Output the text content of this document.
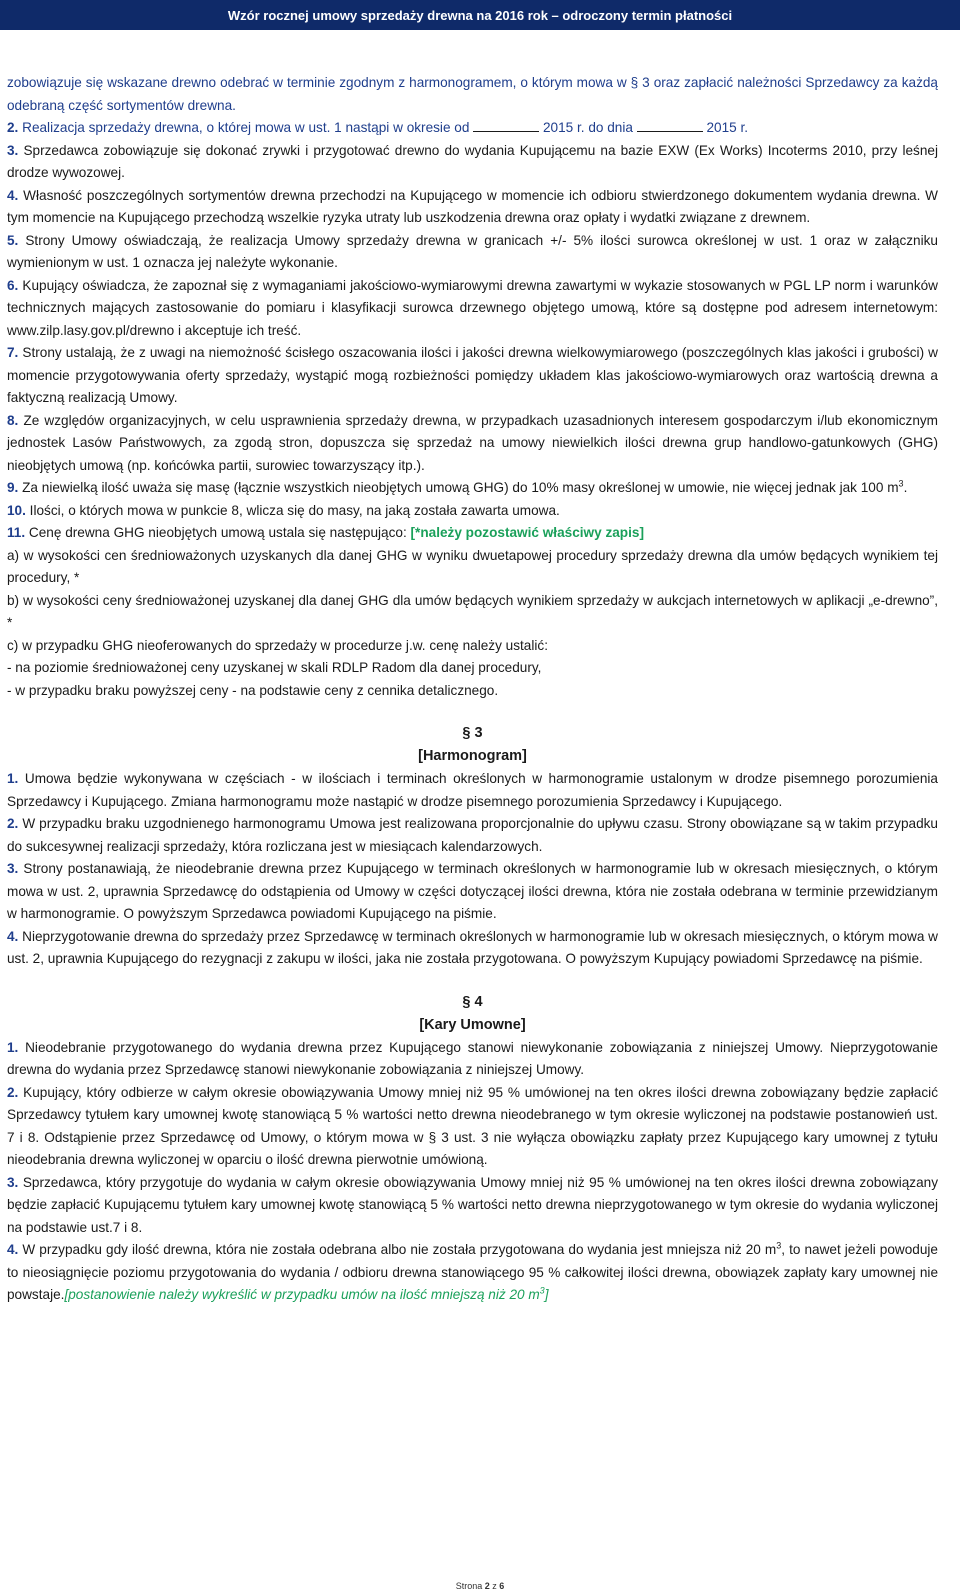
Wzór rocznej umowy sprzedaży drewna na 2016 rok – odroczony termin płatności

zobowiązuje się wskazane drewno odebrać w terminie zgodnym z harmonogramem, o którym mowa w § 3 oraz zapłacić należności Sprzedawcy za każdą odebraną część sortymentów drewna.

2. Realizacja sprzedaży drewna, o której mowa w ust. 1 nastąpi w okresie od	2015 r. do dnia	2015 r.

3. Sprzedawca zobowiązuje się dokonać zrywki i przygotować drewno do wydania Kupującemu na bazie EXW (Ex Works) Incoterms 2010, przy leśnej drodze wywozowej.

4. Własność poszczególnych sortymentów drewna przechodzi na Kupującego w momencie ich odbioru stwierdzonego dokumentem wydania drewna. W tym momencie na Kupującego przechodzą wszelkie ryzyka utraty lub uszkodzenia drewna oraz opłaty i wydatki związane z drewnem.

5. Strony Umowy oświadczają, że realizacja Umowy sprzedaży drewna w granicach +/- 5% ilości surowca określonej w ust. 1 oraz w załączniku wymienionym w ust. 1 oznacza jej należyte wykonanie.

6. Kupujący oświadcza, że zapoznał się z wymaganiami jakościowo-wymiarowymi drewna zawartymi w wykazie stosowanych w PGL LP norm i warunków technicznych mających zastosowanie do pomiaru i klasyfikacji surowca drzewnego objętego umową, które są dostępne pod adresem internetowym: www.zilp.lasy.gov.pl/drewno i akceptuje ich treść.

7. Strony ustalają, że z uwagi na niemożność ścisłego oszacowania ilości i jakości drewna wielkowymiarowego (poszczególnych klas jakości i grubości) w momencie przygotowywania oferty sprzedaży, wystąpić mogą rozbieżności pomiędzy układem klas jakościowo-wymiarowych oraz wartością drewna a faktyczną realizacją Umowy.

8. Ze względów organizacyjnych, w celu usprawnienia sprzedaży drewna, w przypadkach uzasadnionych interesem gospodarczym i/lub ekonomicznym jednostek Lasów Państwowych, za zgodą stron, dopuszcza się sprzedaż na umowy niewielkich ilości drewna grup handlowo-gatunkowych (GHG) nieobjętych umową (np. końcówka partii, surowiec towarzyszący itp.).

9. Za niewielką ilość uważa się masę (łącznie wszystkich nieobjętych umową GHG) do 10% masy określonej w umowie, nie więcej jednak jak 100 $m^3$.

10. Ilości, o których mowa w punkcie 8, wlicza się do masy, na jaką została zawarta umowa.

11. Cenę drewna GHG nieobjętych umową ustala się następująco: [*należy pozostawić właściwy zapis]

a) w wysokości cen średnioważonych uzyskanych dla danej GHG w wyniku dwuetapowej procedury sprzedaży drewna dla umów będących wynikiem tej procedury, *

b) w wysokości ceny średnioważonej uzyskanej dla danej GHG dla umów będących wynikiem sprzedaży w aukcjach internetowych w aplikacji „e-drewno”, *

c) w przypadku GHG nieoferowanych do sprzedaży w procedurze j.w. cenę należy ustalić:

- na poziomie średnioważonej ceny uzyskanej w skali RDLP Radom dla danej procedury,

- w przypadku braku powyższej ceny - na podstawie ceny z cennika detalicznego.

§ 3
[Harmonogram]

1. Umowa będzie wykonywana w częściach - w ilościach i terminach określonych w harmonogramie ustalonym w drodze pisemnego porozumienia Sprzedawcy i Kupującego. Zmiana harmonogramu może nastąpić w drodze pisemnego porozumienia Sprzedawcy i Kupującego.

2. W przypadku braku uzgodnienego harmonogramu Umowa jest realizowana proporcjonalnie do upływu czasu. Strony obowiązane są w takim przypadku do sukcesywnej realizacji sprzedaży, która rozliczana jest w miesiącach kalendarzowych.

3. Strony postanawiają, że nieodebranie drewna przez Kupującego w terminach określonych w harmonogramie lub w okresach miesięcznych, o którym mowa w ust. 2, uprawnia Sprzedawcę do odstąpienia od Umowy w części dotyczącej ilości drewna, która nie została odebrana w terminie przewidzianym w harmonogramie. O powyższym Sprzedawca powiadomi Kupującego na piśmie.

4. Nieprzygotowanie drewna do sprzedaży przez Sprzedawcę w terminach określonych w harmonogramie lub w okresach miesięcznych, o którym mowa w ust. 2, uprawnia Kupującego do rezygnacji z zakupu w ilości, jaka nie została przygotowana. O powyższym Kupujący powiadomi Sprzedawcę na piśmie.

§ 4
[Kary Umowne]

1. Nieodebranie przygotowanego do wydania drewna przez Kupującego stanowi niewykonanie zobowiązania z niniejszej Umowy. Nieprzygotowanie drewna do wydania przez Sprzedawcę stanowi niewykonanie zobowiązania z niniejszej Umowy.

2. Kupujący, który odbierze w całym okresie obowiązywania Umowy mniej niż 95 % umówionej na ten okres ilości drewna zobowiązany będzie zapłacić Sprzedawcy tytułem kary umownej kwotę stanowiącą 5 % wartości netto drewna nieodebranego w tym okresie wyliczonej na podstawie postanowień ust. 7 i 8. Odstąpienie przez Sprzedawcę od Umowy, o którym mowa w § 3 ust. 3 nie wyłącza obowiązku zapłaty przez Kupującego kary umownej z tytułu nieodebrania drewna wyliczonej w oparciu o ilość drewna pierwotnie umówioną.

3. Sprzedawca, który przygotuje do wydania w całym okresie obowiązywania Umowy mniej niż 95 % umówionej na ten okres ilości drewna zobowiązany będzie zapłacić Kupującemu tytułem kary umownej kwotę stanowiącą 5 % wartości netto drewna nieprzygotowanego w tym okresie do wydania wyliczonej na podstawie ust.7 i 8.

4. W przypadku gdy ilość drewna, która nie została odebrana albo nie została przygotowana do wydania jest mniejsza niż 20 $m^3$, to nawet jeżeli powoduje to nieosiągnięcie poziomu przygotowania do wydania / odbioru drewna stanowiącego 95 % całkowitej ilości drewna, obowiązek zapłaty kary umownej nie powstaje.[postanowienie należy wykreślić w przypadku umów na ilość mniejszą niż 20 $m^3$]

Strona 2 z 6
